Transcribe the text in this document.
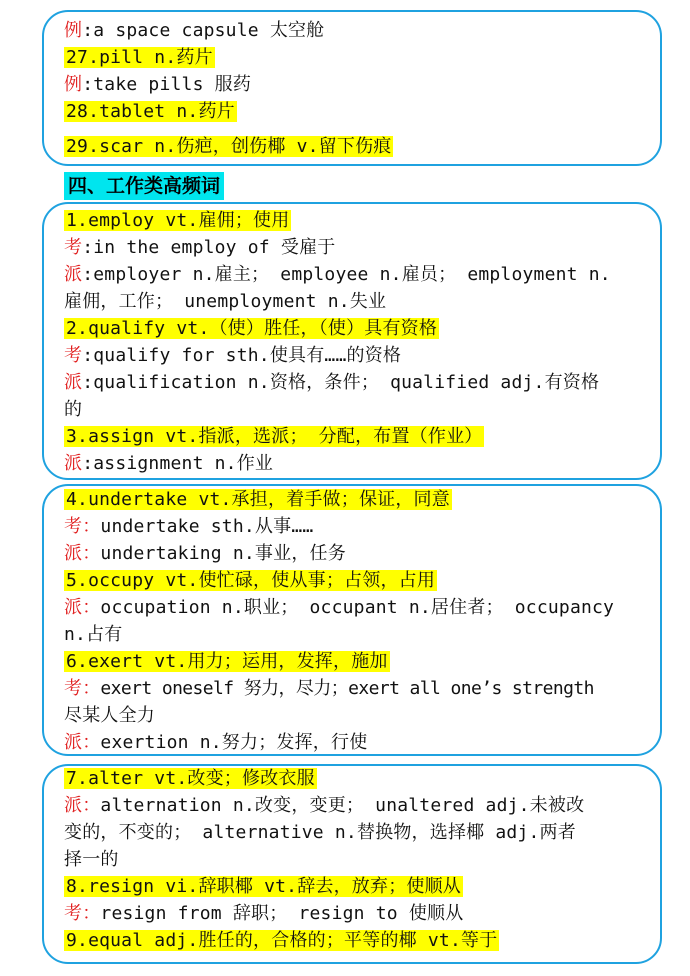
例:a space capsule 太空舱
27.pill n.药片
例:take pills 服药
28.tablet n.药片
29.scar n.伤疤，创伤椰 v.留下伤痕
四、工作类高频词
1.employ vt.雇佣；使用
考:in the employ of 受雇于
派:employer n.雇主； employee n.雇员； employment n.
雇佣，工作； unemployment n.失业
2.qualify vt.（使）胜任，（使）具有资格
考:qualify for sth.使具有……的资格
派:qualification n.资格，条件； qualified adj.有资格
的
3.assign vt.指派，选派； 分配，布置（作业）
派:assignment n.作业
4.undertake vt.承担，着手做；保证，同意
考：undertake sth.从事……
派：undertaking n.事业，任务
5.occupy vt.使忙碌，使从事；占领，占用
派：occupation n.职业； occupant n.居住者； occupancy
n.占有
6.exert vt.用力；运用，发挥，施加
考：exert oneself 努力，尽力；exert all one’s strength
尽某人全力
派：exertion n.努力；发挥，行使
7.alter vt.改变；修改衣服
派：alternation n.改变，变更； unaltered adj.未被改
变的，不变的； alternative n.替换物，选择椰 adj.两者
择一的
8.resign vi.辞职椰 vt.辞去，放弃；使顺从
考：resign from 辞职； resign to 使顺从
9.equal adj.胜任的，合格的；平等的椰 vt.等于
